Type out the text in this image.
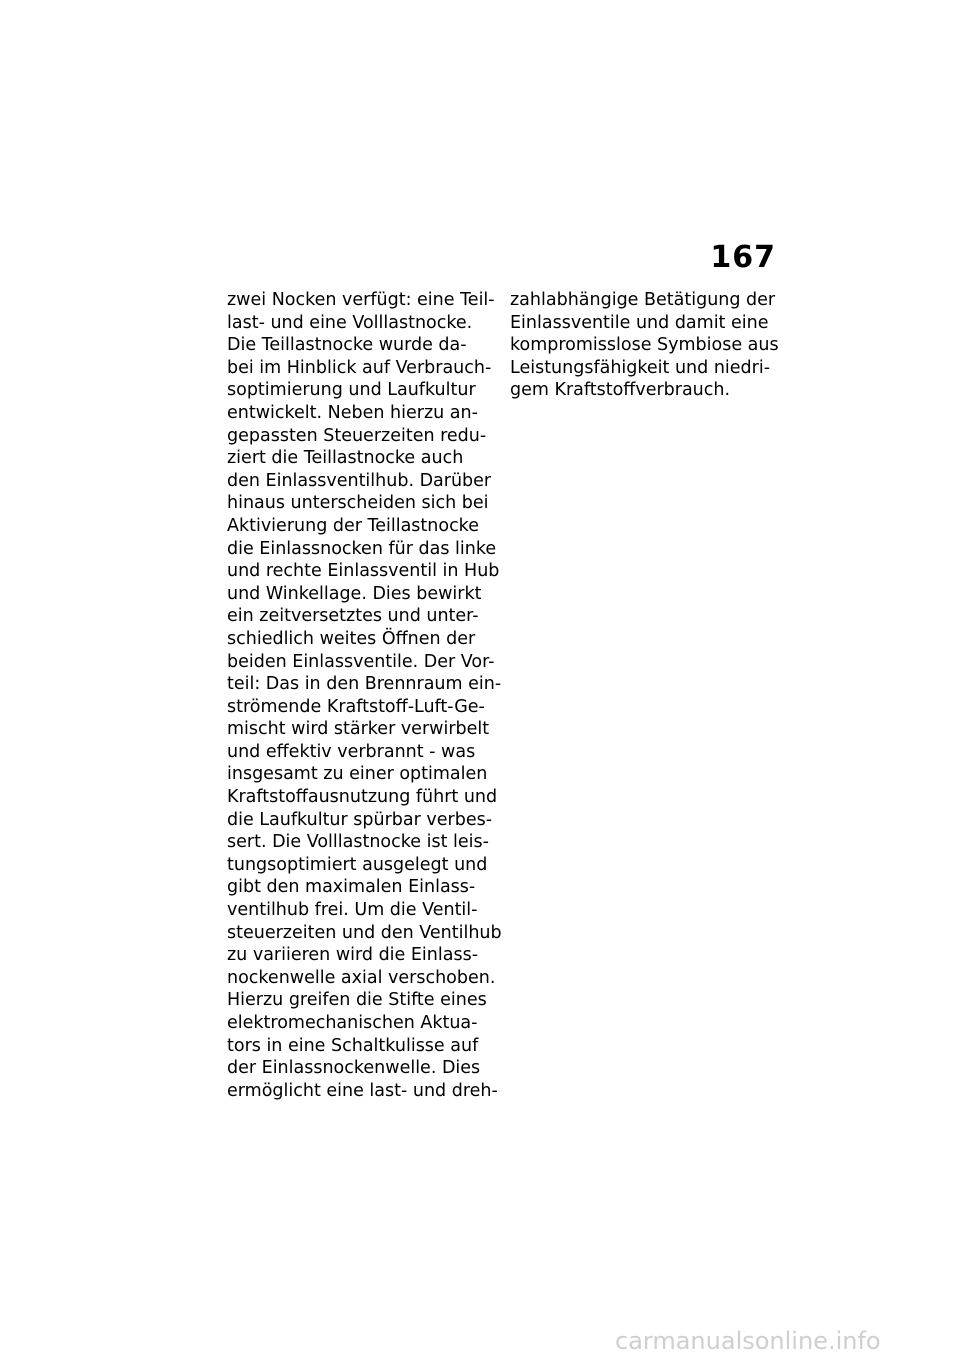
167
zwei Nocken verfügt: eine Teil-
last- und eine Volllastnocke.
Die Teillastnocke wurde da-
bei im Hinblick auf Verbrauch-
soptimierung und Laufkultur
entwickelt. Neben hierzu an-
gepassten Steuerzeiten redu-
ziert die Teillastnocke auch
den Einlassventilhub. Darüber
hinaus unterscheiden sich bei
Aktivierung der Teillastnocke
die Einlassnocken für das linke
und rechte Einlassventil in Hub
und Winkellage. Dies bewirkt
ein zeitversetztes und unter-
schiedlich weites Öffnen der
beiden Einlassventile. Der Vor-
teil: Das in den Brennraum ein-
strömende Kraftstoff-Luft-Ge-
mischt wird stärker verwirbelt
und effektiv verbrannt - was
insgesamt zu einer optimalen
Kraftstoffausnutzung führt und
die Laufkultur spürbar verbes-
sert. Die Volllastnocke ist leis-
tungsoptimiert ausgelegt und
gibt den maximalen Einlass-
ventilhub frei. Um die Ventil-
steuerzeiten und den Ventilhub
zu variieren wird die Einlass-
nockenwelle axial verschoben.
Hierzu greifen die Stifte eines
elektromechanischen Aktua-
tors in eine Schaltkulisse auf
der Einlassnockenwelle. Dies
ermöglicht eine last- und dreh-
zahlabhängige Betätigung der
Einlassventile und damit eine
kompromisslose Symbiose aus
Leistungsfähigkeit und niedri-
gem Kraftstoffverbrauch.
carmanualsonline.info
